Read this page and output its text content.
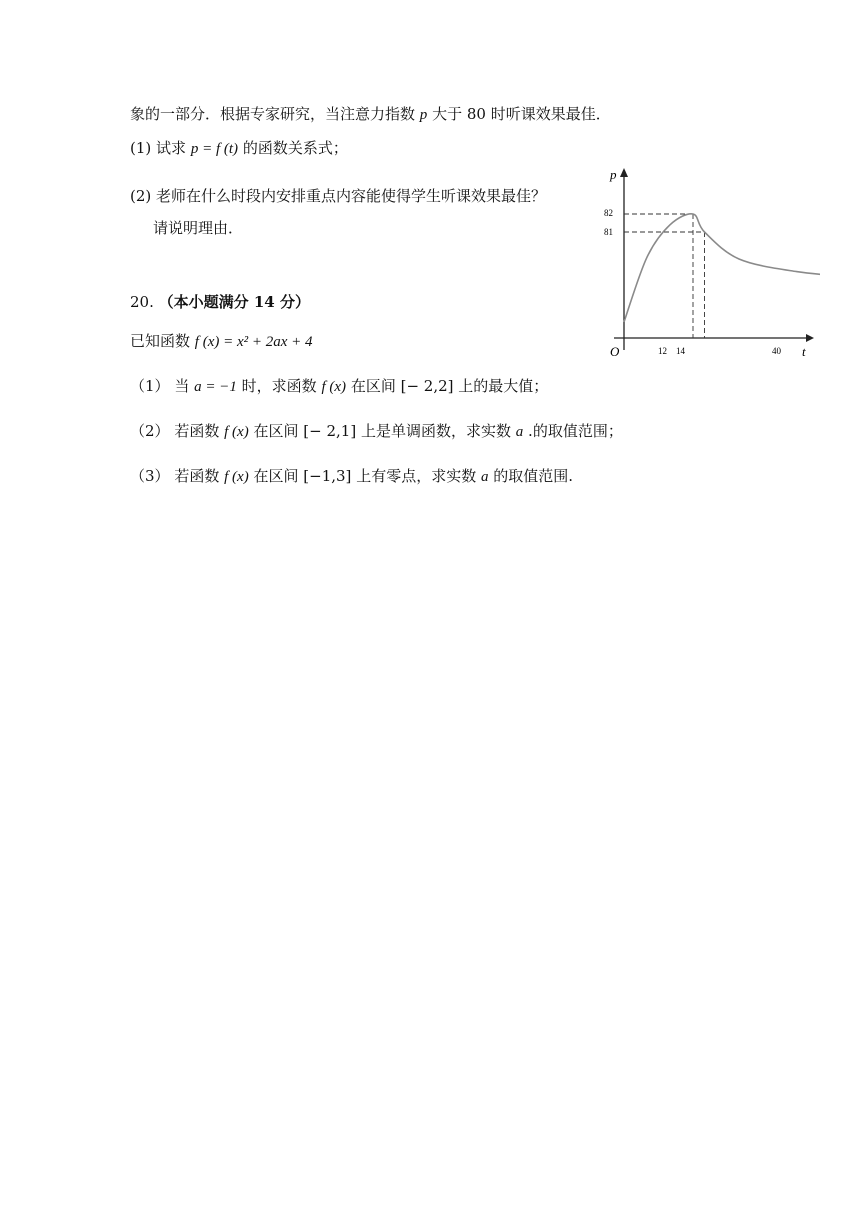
象的一部分．根据专家研究，当注意力指数 p 大于 80 时听课效果最佳．
(1) 试求 p = f (t) 的函数关系式；
(2) 老师在什么时段内安排重点内容能使得学生听课效果最佳？
请说明理由．
20. （本小题满分 14 分）
已知函数 f (x) = x² + 2ax + 4
（1） 当 a = −1 时，求函数 f (x) 在区间 [− 2,2] 上的最大值；
（2） 若函数 f (x) 在区间 [− 2,1] 上是单调函数，求实数 a .的取值范围；
（3） 若函数 f (x) 在区间 [−1,3] 上有零点，求实数 a 的取值范围.
p
t
O
82
81
12 14	40
